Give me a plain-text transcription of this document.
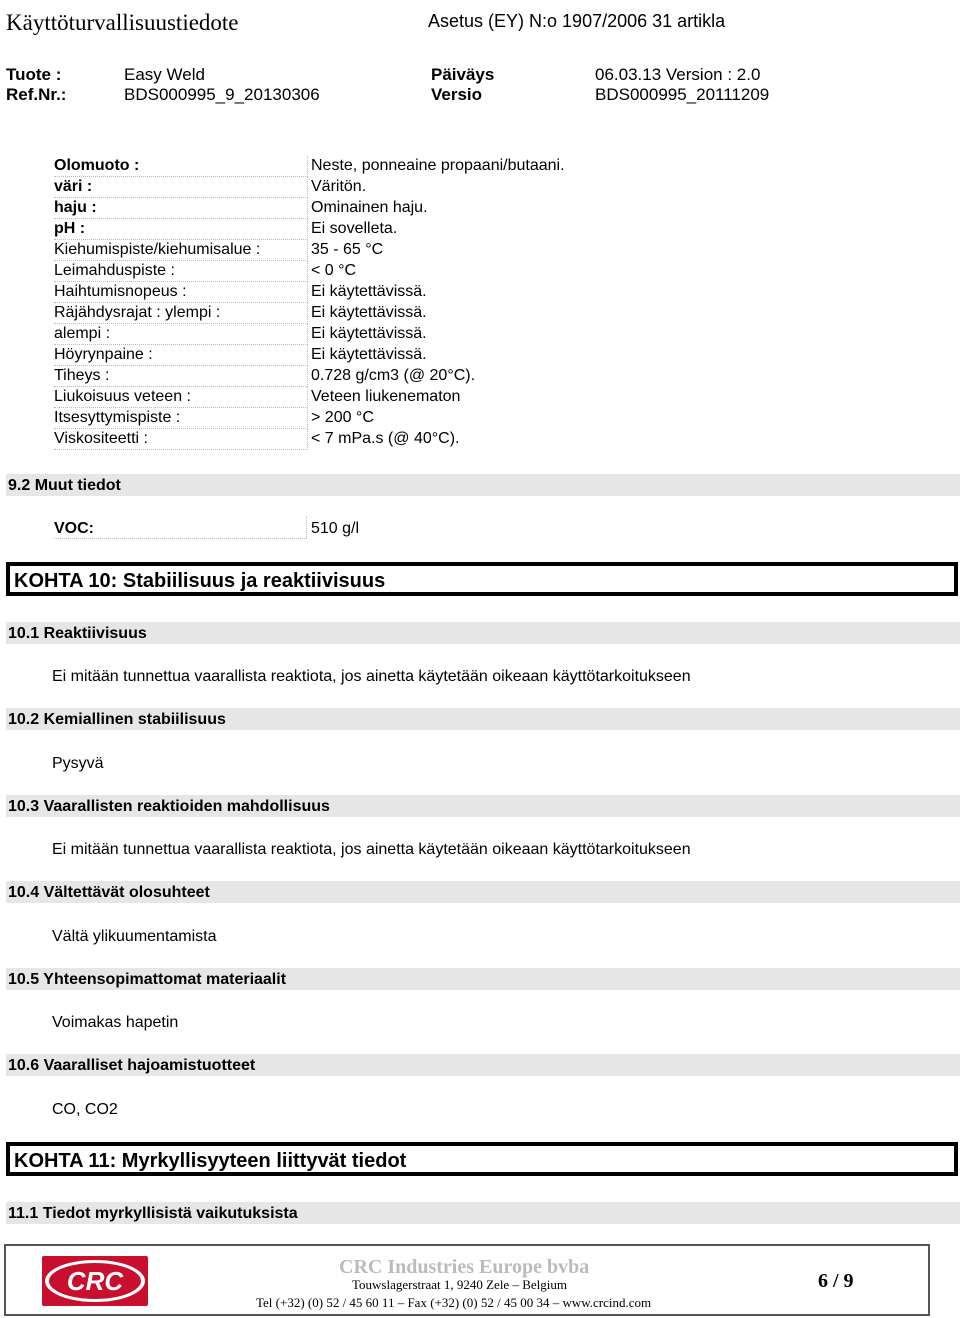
Käyttöturvallisuustiedote	Asetus (EY) N:o 1907/2006 31 artikla
Tuote :	Easy Weld	Päiväys	06.03.13 Version : 2.0
Ref.Nr.:	BDS000995_9_20130306	Versio	BDS000995_20111209
Olomuoto :	Neste, ponneaine propaani/butaani.
väri :	Väritön.
haju :	Ominainen haju.
pH :	Ei sovelleta.
Kiehumispiste/kiehumisalue :	35 - 65 °C
Leimahduspiste :	< 0 °C
Haihtumisnopeus :	Ei käytettävissä.
Räjähdysrajat : ylempi :	Ei käytettävissä.
alempi :	Ei käytettävissä.
Höyrynpaine :	Ei käytettävissä.
Tiheys :	0.728 g/cm3 (@ 20°C).
Liukoisuus veteen :	Veteen liukenematon
Itsesyttymispiste :	> 200 °C
Viskositeetti :	< 7 mPa.s (@ 40°C).
9.2 Muut tiedot
VOC:	510 g/l
KOHTA 10: Stabiilisuus ja reaktiivisuus
10.1 Reaktiivisuus
Ei mitään tunnettua vaarallista reaktiota, jos ainetta käytetään oikeaan käyttötarkoitukseen
10.2 Kemiallinen stabiilisuus
Pysyvä
10.3 Vaarallisten reaktioiden mahdollisuus
Ei mitään tunnettua vaarallista reaktiota, jos ainetta käytetään oikeaan käyttötarkoitukseen
10.4 Vältettävät olosuhteet
Vältä ylikuumentamista
10.5 Yhteensopimattomat materiaalit
Voimakas hapetin
10.6 Vaaralliset hajoamistuotteet
CO, CO2
KOHTA 11: Myrkyllisyyteen liittyvät tiedot
11.1 Tiedot myrkyllisistä vaikutuksista
CRC	CRC Industries Europe bvba
Touwslagerstraat 1, 9240 Zele – Belgium
Tel (+32) (0) 52 / 45 60 11 – Fax (+32) (0) 52 / 45 00 34 – www.crcind.com
6 / 9
